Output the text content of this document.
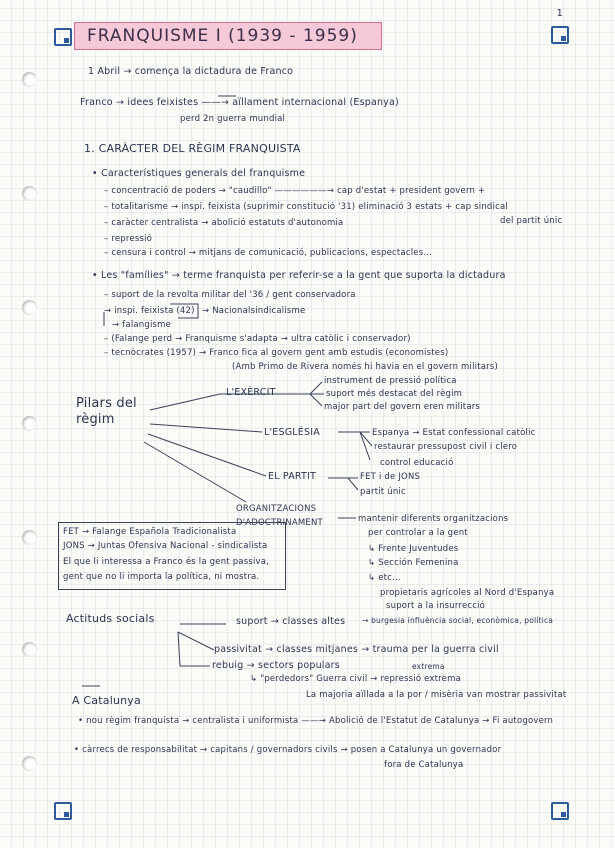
1
FRANQUISME I (1939 - 1959)
1 Abril → comença la dictadura de Franco
Franco → idees feixistes ——→ aïllament internacional (Espanya)
perd 2n guerra mundial
1. CARÀCTER DEL RÈGIM FRANQUISTA
• Característiques generals del franquisme
– concentració de poders → "caudillo" ——————→ cap d'estat + president govern +
– totalitarisme → inspi. feixista (suprimir constitució '31) eliminació 3 estats + cap sindical
– caràcter centralista → abolició estatuts d'autonomia	del partit únic
– repressió
– censura i control → mitjans de comunicació, publicacions, espectacles...
• Les "famílies" → terme franquista per referir-se a la gent que suporta la dictadura
– suport de la revolta militar del '36 / gent conservadora
→ inspi. feixista (42) → Nacionalsindicalisme
→ falangisme
– (Falange perd → Franquisme s'adapta → ultra catòlic i conservador)
– tecnòcrates (1957) → Franco fica al govern gent amb estudis (economistes)
(Amb Primo de Rivera només hi havia en el govern militars)
Pilars del règim
L'EXÈRCIT
instrument de pressió política
suport més destacat del règim
major part del govern eren militars
L'ESGLÉSIA	Espanya → Estat confessional catòlic
restaurar pressupost civil i clero
control educació
EL PARTIT	FET i de JONS
partit únic
ORGANITZACIONS D'ADOCTRINAMENT	mantenir diferents organitzacions
per controlar a la gent
↳ Frente Juventudes
↳ Sección Femenina
↳ etc...
FET → Falange Española Tradicionalista
JONS → Juntas Ofensiva Nacional - sindicalista
El que li interessa a Franco és la gent passiva,
gent que no li importa la política, ni mostra.
Actituds socials	suport → classes altes
propietaris agrícoles al Nord d'Espanya
suport a la insurrecció
→ burgesia influència social, econòmica, política
passivitat → classes mitjanes → trauma per la guerra civil
rebuig → sectors populars	extrema
↳ "perdedors" Guerra civil → repressió extrema
La majoria aïllada a la por / misèria van mostrar passivitat
A Catalunya
• nou règim franquista → centralista i uniformista ——→ Abolició de l'Estatut de Catalunya → Fi autogovern
• càrrecs de responsabilitat → capitans / governadors civils → posen a Catalunya un governador
fora de Catalunya
